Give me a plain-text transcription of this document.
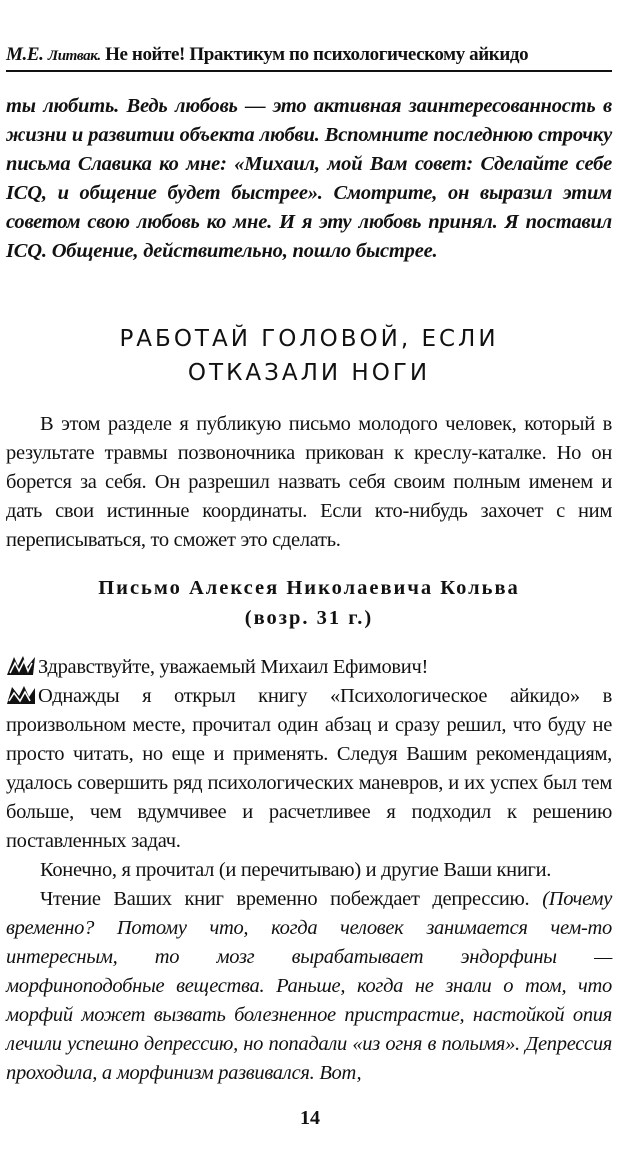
М.Е. Литвак. Не нойте! Практикум по психологическому айкидо

ты любить. Ведь любовь — это активная заинтересованность в жизни и развитии объекта любви. Вспомните последнюю строчку письма Славика ко мне: «Михаил, мой Вам совет: Сделайте себе ICQ, и общение будет быстрее». Смотрите, он выразил этим советом свою любовь ко мне. И я эту любовь принял. Я поставил ICQ. Общение, действительно, пошло быстрее.

РАБОТАЙ ГОЛОВОЙ, ЕСЛИ
ОТКАЗАЛИ НОГИ

В этом разделе я публикую письмо молодого человек, который в результате травмы позвоночника прикован к креслу-каталке. Но он борется за себя. Он разрешил назвать себя своим полным именем и дать свои истинные координаты. Если кто-нибудь захочет с ним переписываться, то сможет это сделать.

Письмо Алексея Николаевича Кольва
(возр. 31 г.)

Здравствуйте, уважаемый Михаил Ефимович!

Однажды я открыл книгу «Психологическое айкидо» в произвольном месте, прочитал один абзац и сразу решил, что буду не просто читать, но еще и применять. Следуя Вашим рекомендациям, удалось совершить ряд психологических маневров, и их успех был тем больше, чем вдумчивее и расчетливее я подходил к решению поставленных задач.

Конечно, я прочитал (и перечитываю) и другие Ваши книги.

Чтение Ваших книг временно побеждает депрессию. (Почему временно? Потому что, когда человек занимается чем-то интересным, то мозг вырабатывает эндорфины — морфиноподобные вещества. Раньше, когда не знали о том, что морфий может вызвать болезненное пристрастие, настойкой опия лечили успешно депрессию, но попадали «из огня в полымя». Депрессия проходила, а морфинизм развивался. Вот,

14
